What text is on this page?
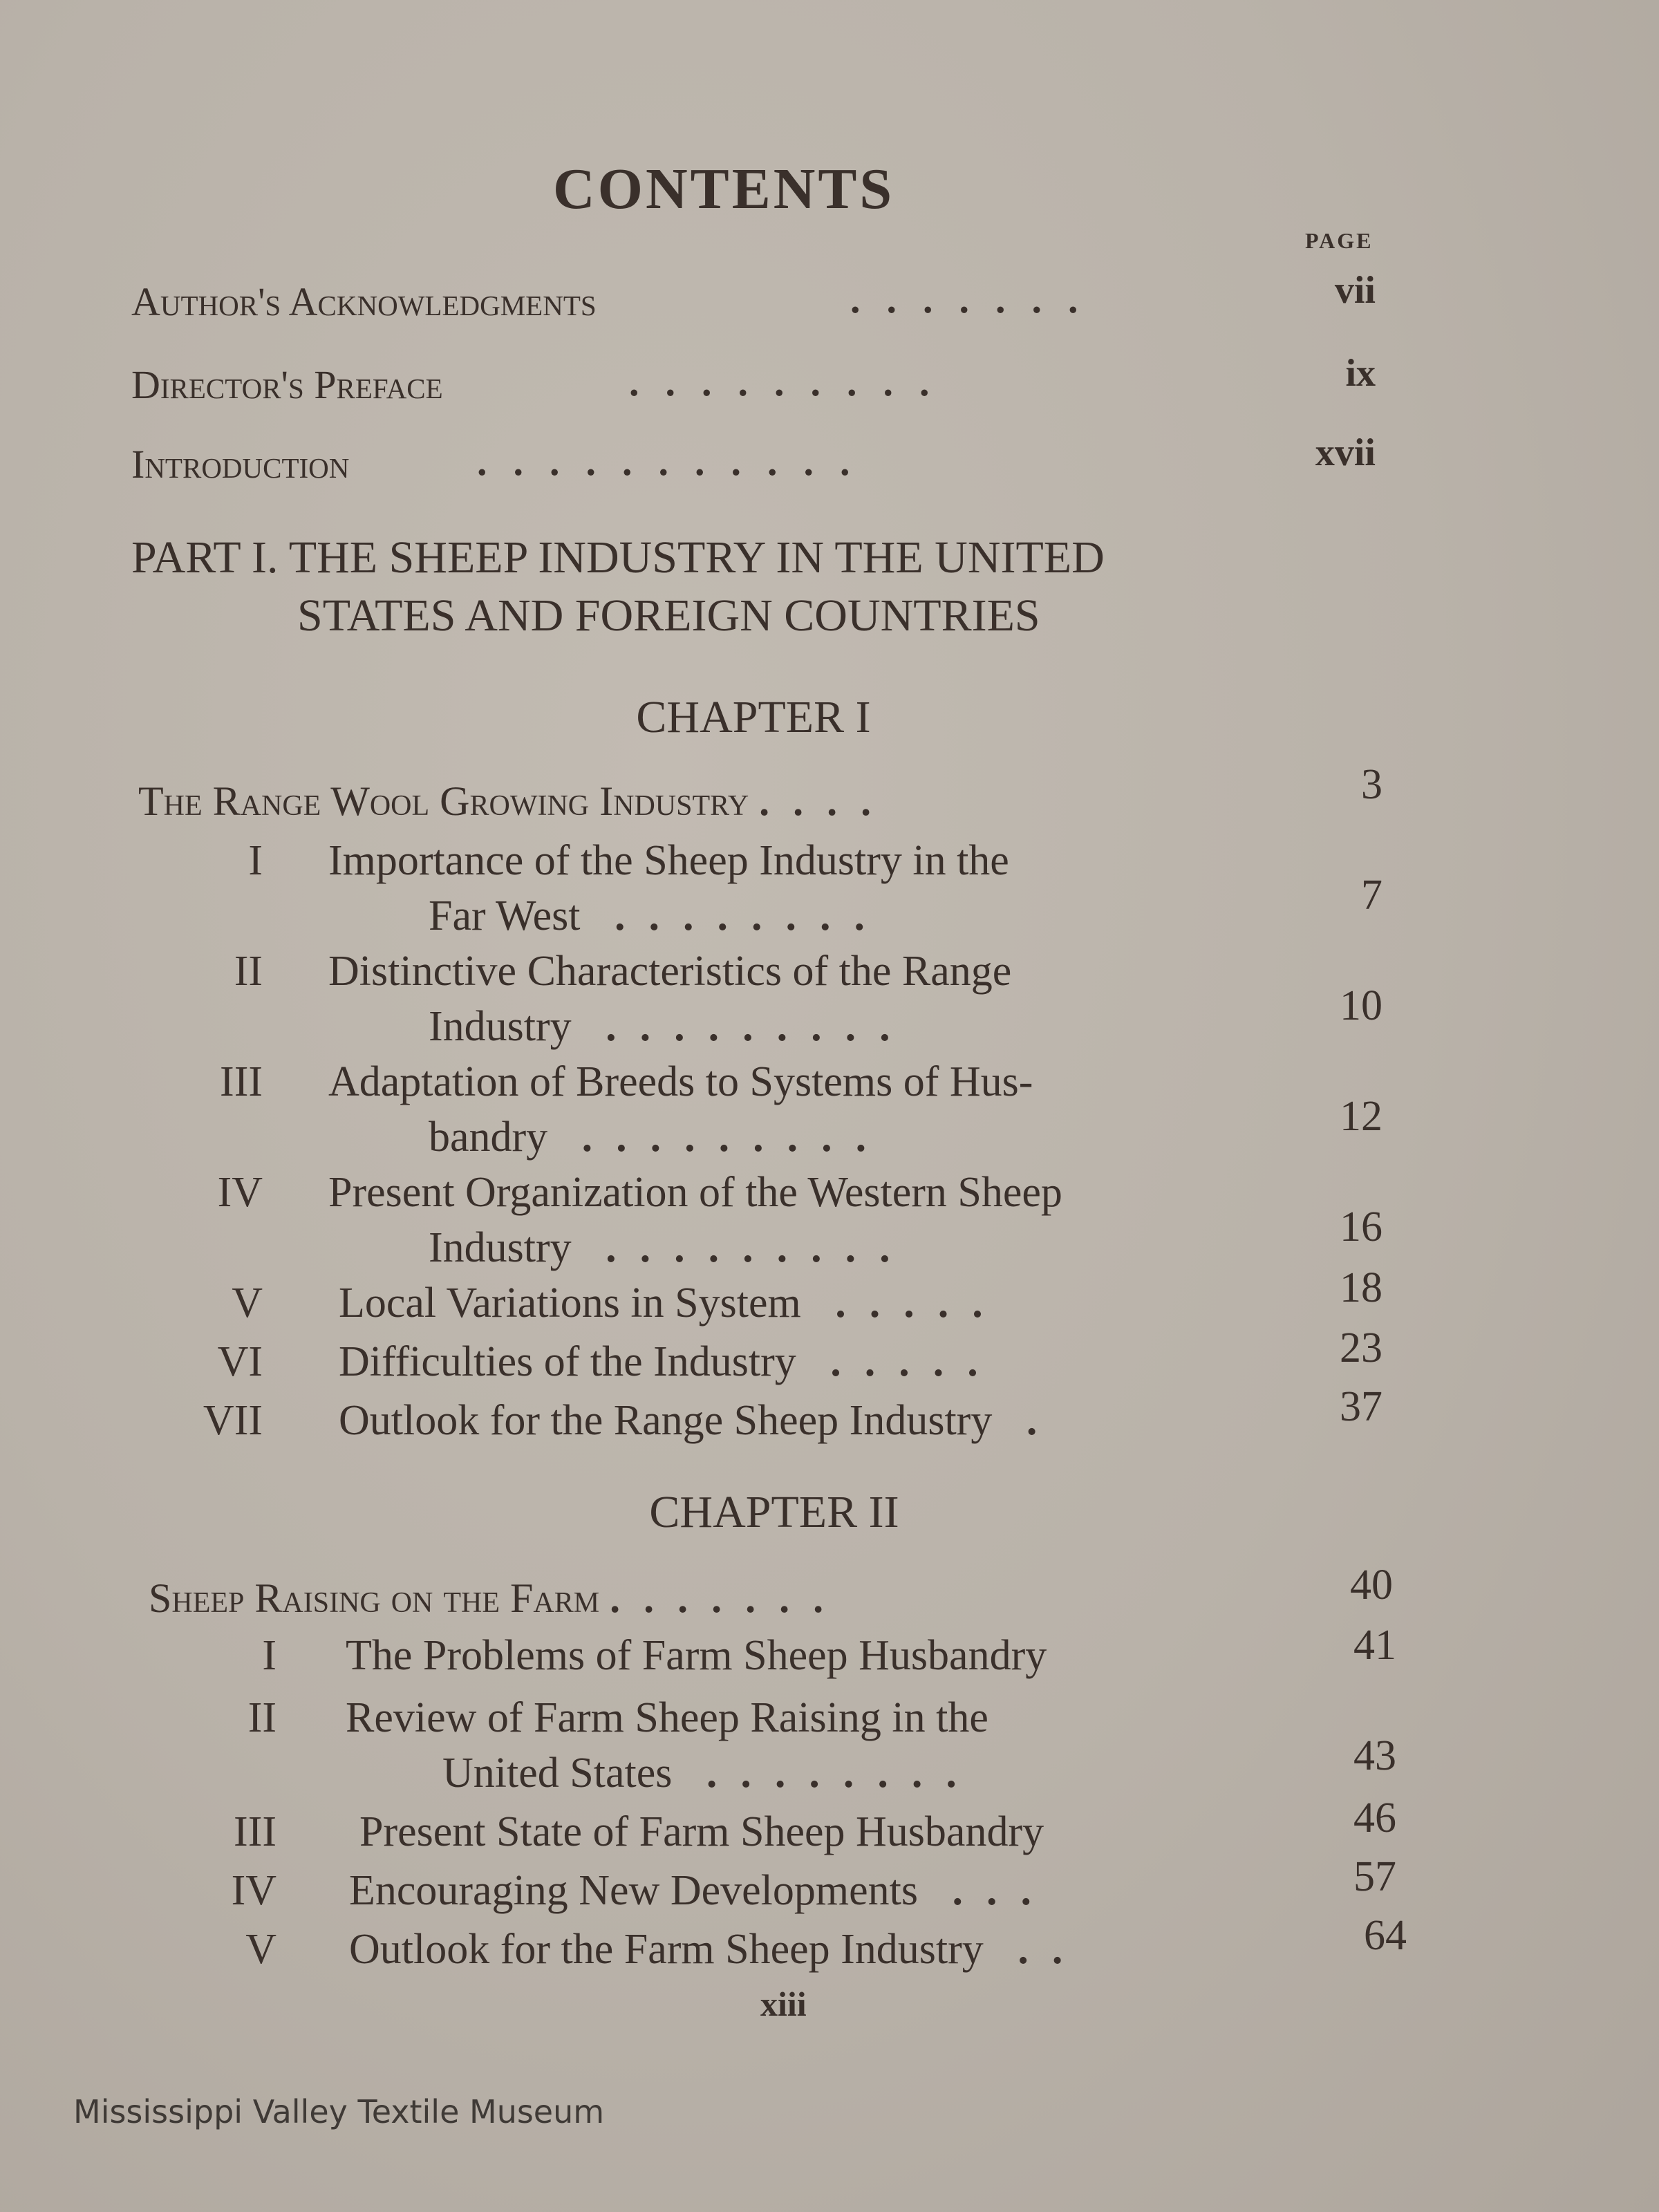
CONTENTS
PAGE
Author's Acknowledgments	.......	vii
Director's Preface	.........	ix
Introduction	...........	xvii
PART I. THE SHEEP INDUSTRY IN THE UNITED
STATES AND FOREIGN COUNTRIES
CHAPTER I
The Range Wool Growing Industry ....	3
I Importance of the Sheep Industry in the
Far West ........	7
II Distinctive Characteristics of the Range
Industry .........	10
III Adaptation of Breeds to Systems of Hus-
bandry .........	12
IV Present Organization of the Western Sheep
Industry .........	16
V Local Variations in System .....	18
VI Difficulties of the Industry .....	23
VII Outlook for the Range Sheep Industry .	37
CHAPTER II
Sheep Raising on the Farm .......	40
I The Problems of Farm Sheep Husbandry	41
II Review of Farm Sheep Raising in the
United States ........	43
III Present State of Farm Sheep Husbandry	46
IV Encouraging New Developments ...	57
V Outlook for the Farm Sheep Industry ..	64
xiii
Mississippi Valley Textile Museum
